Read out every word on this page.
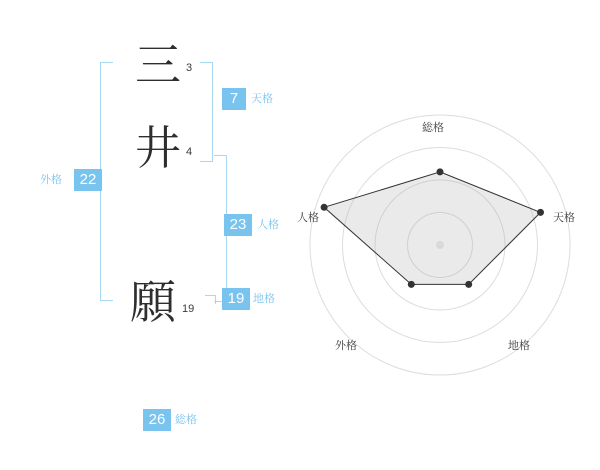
三 3
井 4
願 19
7	天格
23 人格
19 地格
外格	22
26 総格
総格
天格
地格
外格
人格
